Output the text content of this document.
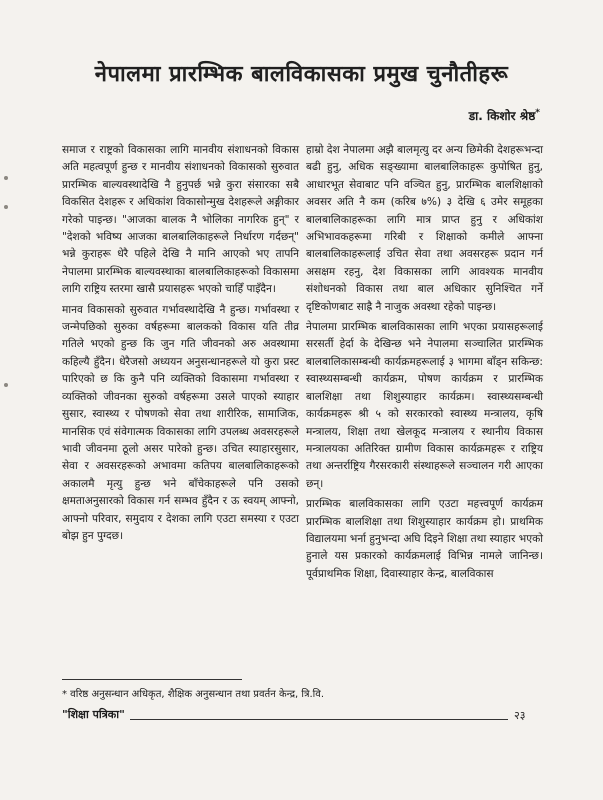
नेपालमा प्रारम्भिक बालविकासका प्रमुख चुनौतीहरू
डा. किशोर श्रेष्ठ*

समाज र राष्ट्रको विकासका लागि मानवीय संशाधनको विकास अति महत्वपूर्ण हुन्छ र मानवीय संशाधनको विकासको सुरुवात प्रारम्भिक बाल्यवस्थादेखि नै हुनुपर्छ भन्ने कुरा संसारका सबै विकसित देशहरू र अधिकांश विकासोन्मुख देशहरूले अङ्गीकार गरेको पाइन्छ। "आजका बालक नै भोलिका नागरिक हुन्" र "देशको भविष्य आजका बालबालिकाहरूले निर्धारण गर्दछन्" भन्ने कुराहरू धेरै पहिले देखि नै मानि आएको भए तापनि नेपालमा प्रारम्भिक बाल्यवस्थाका बालबालिकाहरूको विकासमा लागि राष्ट्रिय स्तरमा खासै प्रयासहरू भएको चाहिँ पाइँदैन।

मानव विकासको सुरुवात गर्भावस्थादेखि नै हुन्छ। गर्भावस्था र जन्मेपछिको सुरुका वर्षहरूमा बालकको विकास यति तीव्र गतिले भएको हुन्छ कि जुन गति जीवनको अरु अवस्थामा कहिल्यै हुँदैन। धेरैजसो अध्ययन अनुसन्धानहरूले यो कुरा प्रस्ट पारिएको छ कि कुनै पनि व्यक्तिको विकासमा गर्भावस्था र व्यक्तिको जीवनका सुरुको वर्षहरूमा उसले पाएको स्याहार सुसार, स्वास्थ्य र पोषणको सेवा तथा शारीरिक, सामाजिक, मानसिक एवं संवेगात्मक विकासका लागि उपलब्ध अवसरहरूले भावी जीवनमा ठूलो असर पारेको हुन्छ। उचित स्याहारसुसार, सेवा र अवसरहरूको अभावमा कतिपय बालबालिकाहरूको अकालमै मृत्यु हुन्छ भने बाँचेकाहरूले पनि उसको क्षमताअनुसारको विकास गर्न सम्भव हुँदैन र ऊ स्वयम् आफ्नो, आफ्नो परिवार, समुदाय र देशका लागि एउटा समस्या र एउटा बोझ हुन पुग्दछ।

हाम्रो देश नेपालमा अझै बालमृत्यु दर अन्य छिमेकी देशहरूभन्दा बढी हुनु, अधिक सङ्ख्यामा बालबालिकाहरू कुपोषित हुनु, आधारभूत सेवाबाट पनि वञ्चित हुनु, प्रारम्भिक बालशिक्षाको अवसर अति नै कम (करिब ७%) ३ देखि ६ उमेर समूहका बालबालिकाहरूका लागि मात्र प्राप्त हुनु र अधिकांश अभिभावकहरूमा गरिबी र शिक्षाको कमीले आफ्ना बालबालिकाहरूलाई उचित सेवा तथा अवसरहरू प्रदान गर्न असक्षम रहनु, देश विकासका लागि आवश्यक मानवीय संशोधनको विकास तथा बाल अधिकार सुनिश्चित गर्ने दृष्टिकोणबाट साह्रै नै नाजुक अवस्था रहेको पाइन्छ।

नेपालमा प्रारम्भिक बालविकासका लागि भएका प्रयासहरूलाई सरसर्ती हेर्दा के देखिन्छ भने नेपालमा सञ्चालित प्रारम्भिक बालबालिकासम्बन्धी कार्यक्रमहरूलाई ३ भागमा बाँड्न सकिन्छ: स्वास्थ्यसम्बन्धी कार्यक्रम, पोषण कार्यक्रम र प्रारम्भिक बालशिक्षा तथा शिशुस्याहार कार्यक्रम। स्वास्थ्यसम्बन्धी कार्यक्रमहरू श्री ५ को सरकारको स्वास्थ्य मन्त्रालय, कृषि मन्त्रालय, शिक्षा तथा खेलकूद मन्त्रालय र स्थानीय विकास मन्त्रालयका अतिरिक्त ग्रामीण विकास कार्यक्रमहरू र राष्ट्रिय तथा अन्तर्राष्ट्रिय गैरसरकारी संस्थाहरूले सञ्चालन गरी आएका छन्।

प्रारम्भिक बालविकासका लागि एउटा महत्त्वपूर्ण कार्यक्रम प्रारम्भिक बालशिक्षा तथा शिशुस्याहार कार्यक्रम हो। प्राथमिक विद्यालयमा भर्ना हुनुभन्दा अघि दिइने शिक्षा तथा स्याहार भएको हुनाले यस प्रकारको कार्यक्रमलाई विभिन्न नामले जानिन्छ। पूर्वप्राथमिक शिक्षा, दिवास्याहार केन्द्र, बालविकास

* वरिष्ठ अनुसन्धान अधिकृत, शैक्षिक अनुसन्धान तथा प्रवर्तन केन्द्र, त्रि.वि.
"शिक्षा पत्रिका"	२३
